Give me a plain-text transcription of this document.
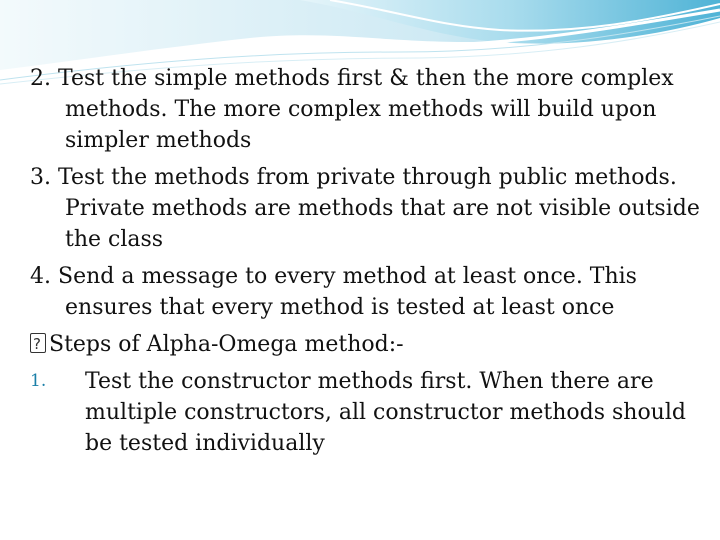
2. Test the simple methods first & then the more complex methods. The more complex methods will build upon simpler methods

3. Test the methods from private through public methods. Private methods are methods that are not visible outside the class

4. Send a message to every method at least once. This ensures that every method is tested at least once

?
Steps of Alpha-Omega method:-
1.	Test the constructor methods first. When there are multiple constructors, all constructor methods should be tested individually
